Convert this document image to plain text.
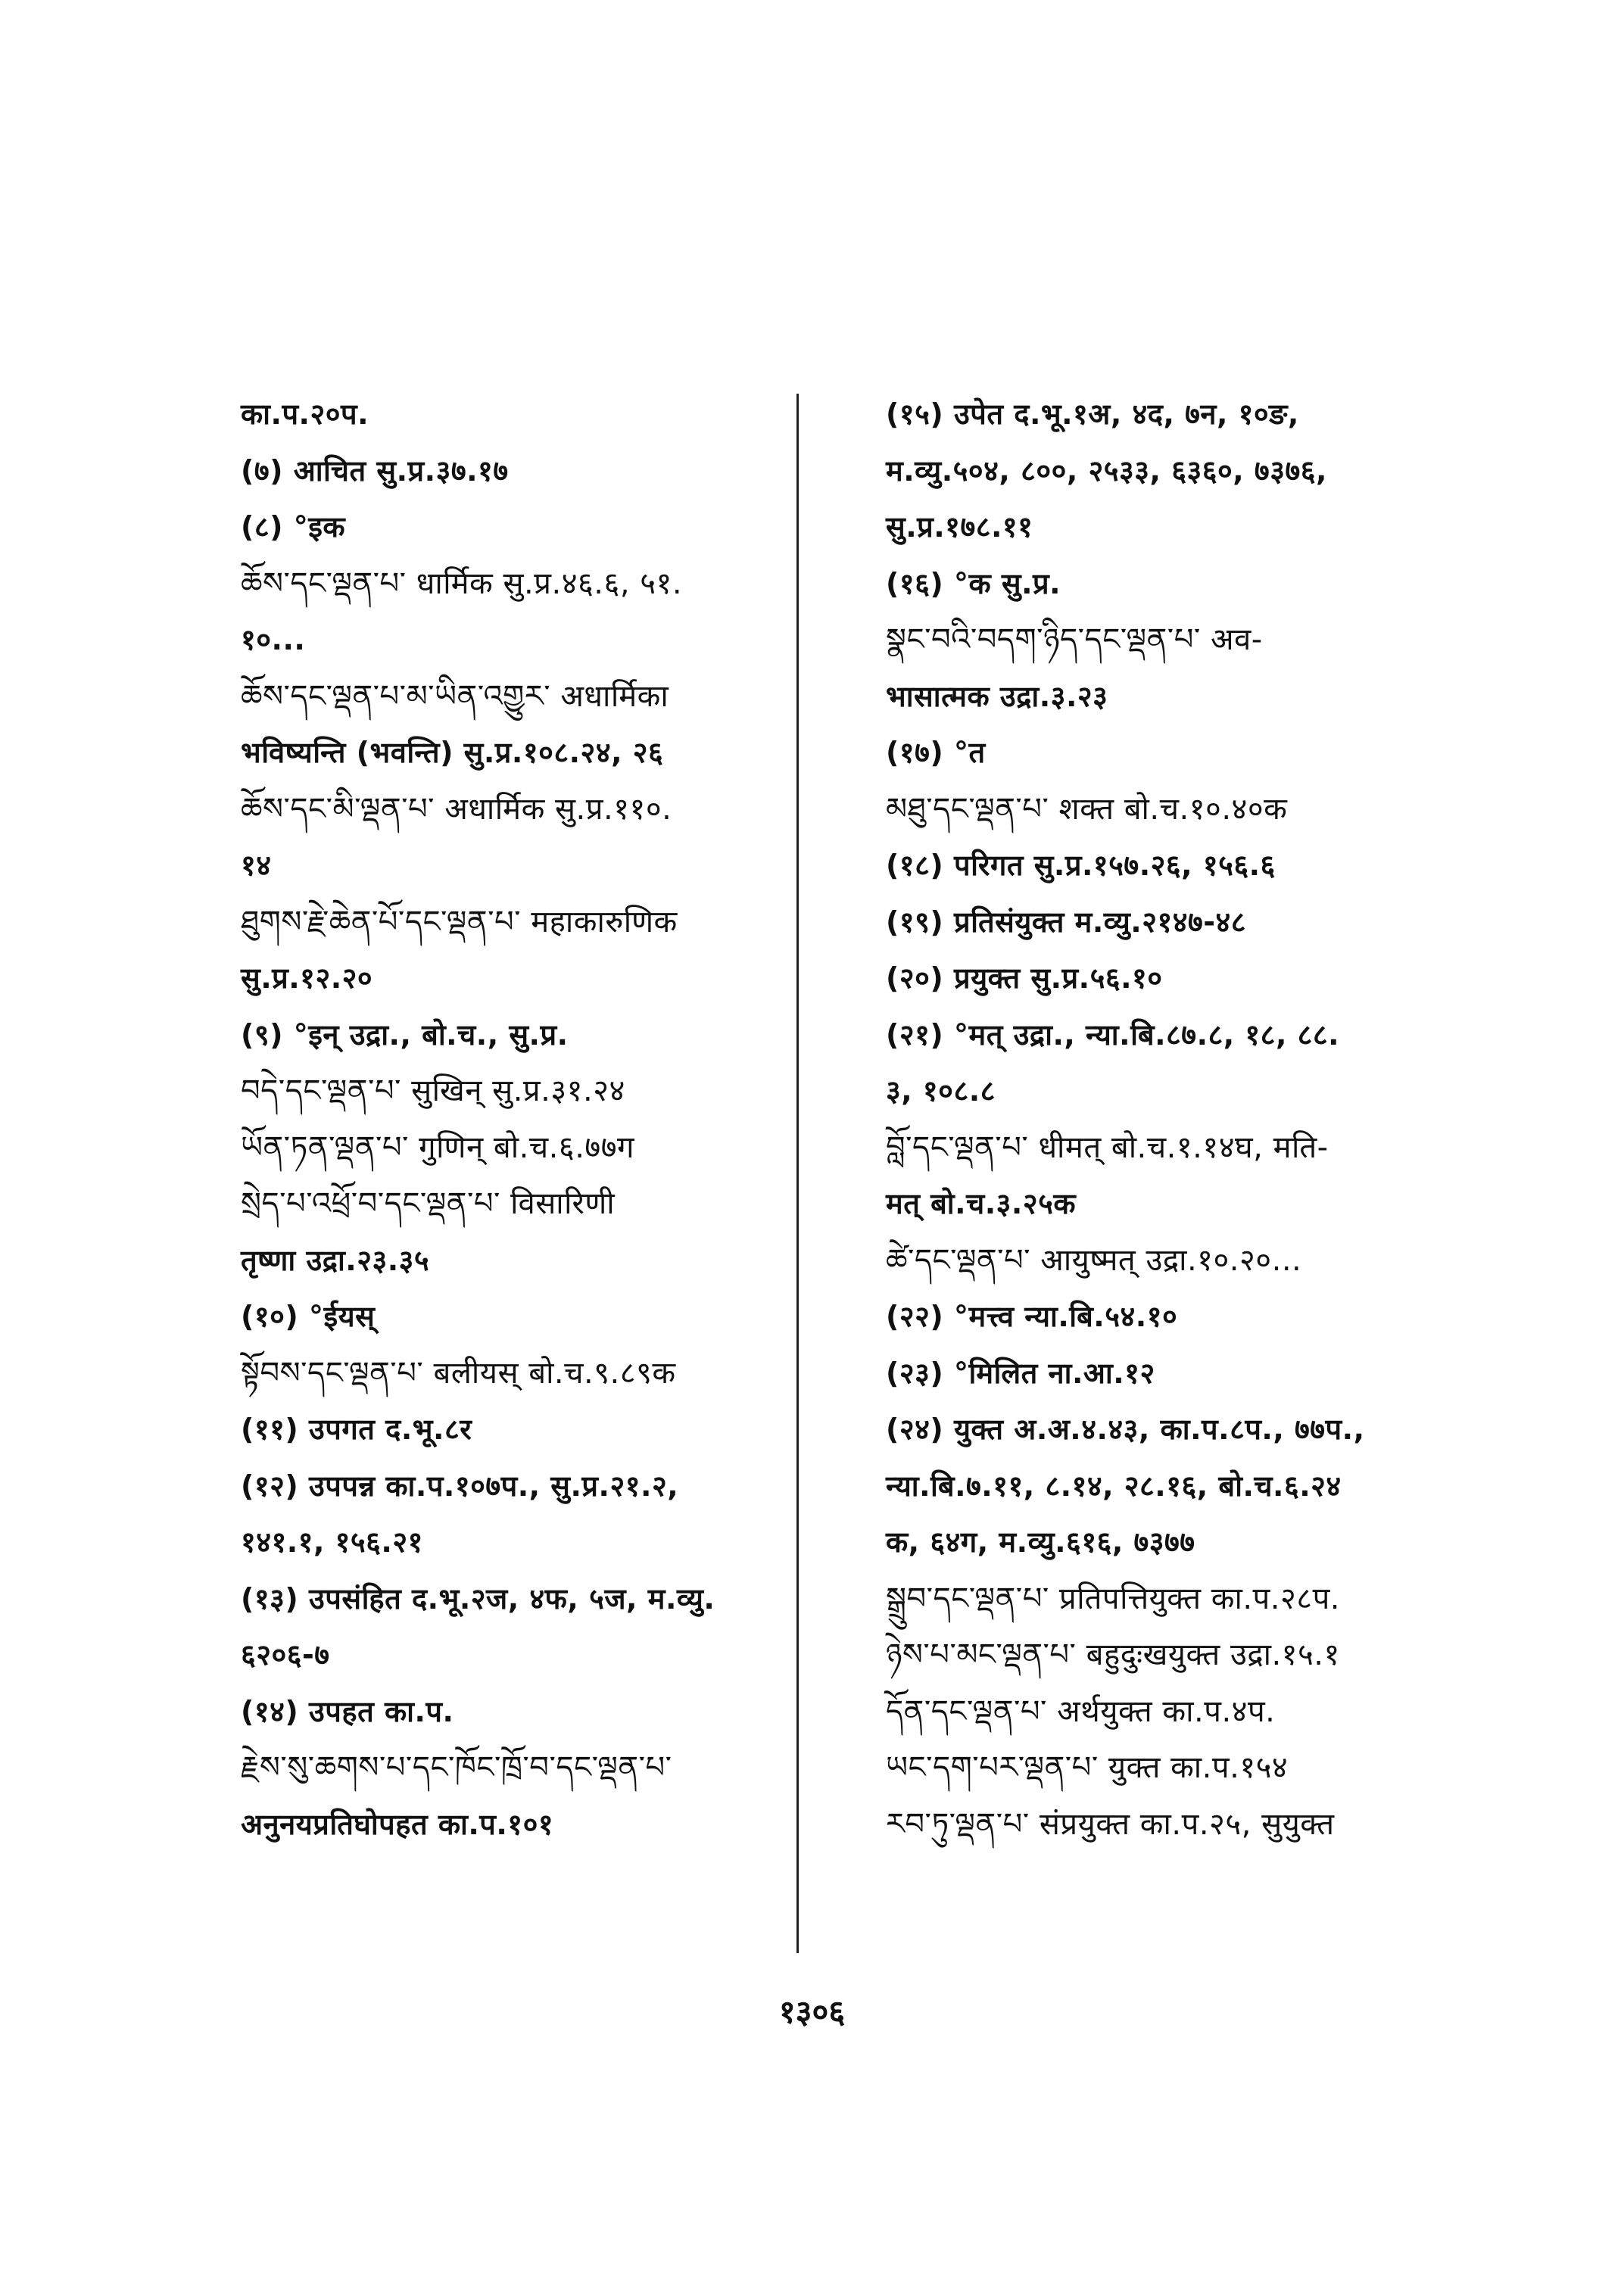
का.प.२०प.
(७) आचित सु.प्र.३७.१७
(८) °इक
ཆོས་དང་ལྡན་པ་ धार्मिक सु.प्र.४६.६, ५१.
१०...
ཆོས་དང་ལྡན་པ་མ་ཡིན་འགྱུར་ अधार्मिका
भविष्यन्ति (भवन्ति) सु.प्र.१०८.२४, २६
ཆོས་དང་མི་ལྡན་པ་ अधार्मिक सु.प्र.११०.
१४
ཐུགས་རྗེ་ཆེན་པོ་དང་ལྡན་པ་ महाकारुणिक
सु.प्र.१२.२०
(९) °इन् उद्रा., बो.च., सु.प्र.
བདེ་དང་ལྡན་པ་ सुखिन् सु.प्र.३१.२४
ཡོན་ཏན་ལྡན་པ་ गुणिन् बो.च.६.७७ग
སྲེད་པ་འཕྲོ་བ་དང་ལྡན་པ་ विसारिणी
तृष्णा उद्रा.२३.३५
(१०) °ईयस्
སྟོབས་དང་ལྡན་པ་ बलीयस् बो.च.९.८९क
(११) उपगत द.भू.८र
(१२) उपपन्न का.प.१०७प., सु.प्र.२१.२,
१४१.१, १५६.२१
(१३) उपसंहित द.भू.२ज, ४फ, ५ज, म.व्यु.
६२०६-७
(१४) उपहत का.प.
རྗེས་སུ་ཆགས་པ་དང་ཁོང་ཁྲོ་བ་དང་ལྡན་པ་
अनुनयप्रतिघोपहत का.प.१०१
(१५) उपेत द.भू.१अ, ४द, ७न, १०ङ,
म.व्यु.५०४, ८००, २५३३, ६३६०, ७३७६,
सु.प्र.१७८.११
(१६) °क सु.प्र.
སྣང་བའི་བདག་ཉིད་དང་ལྡན་པ་ अव-
भासात्मक उद्रा.३.२३
(१७) °त
མཐུ་དང་ལྡན་པ་ शक्त बो.च.१०.४०क
(१८) परिगत सु.प्र.१५७.२६, १५६.६
(१९) प्रतिसंयुक्त म.व्यु.२१४७-४८
(२०) प्रयुक्त सु.प्र.५६.१०
(२१) °मत् उद्रा., न्या.बि.८७.८, १८, ८८.
३, १०८.८
བློ་དང་ལྡན་པ་ धीमत् बो.च.१.१४घ, मति-
मत् बो.च.३.२५क
ཚེ་དང་ལྡན་པ་ आयुष्मत् उद्रा.१०.२०...
(२२) °मत्त्व न्या.बि.५४.१०
(२३) °मिलित ना.आ.१२
(२४) युक्त अ.अ.४.४३, का.प.८प., ७७प.,
न्या.बि.७.११, ८.१४, २८.१६, बो.च.६.२४
क, ६४ग, म.व्यु.६१६, ७३७७
སྒྲུབ་དང་ལྡན་པ་ प्रतिपत्तियुक्त का.प.२८प.
ཉེས་པ་མང་ལྡན་པ་ बहुदुःखयुक्त उद्रा.१५.१
དོན་དང་ལྡན་པ་ अर्थयुक्त का.प.४प.
ཡང་དག་པར་ལྡན་པ་ युक्त का.प.१५४
རབ་ཏུ་ལྡན་པ་ संप्रयुक्त का.प.२५, सुयुक्त
१३०६
